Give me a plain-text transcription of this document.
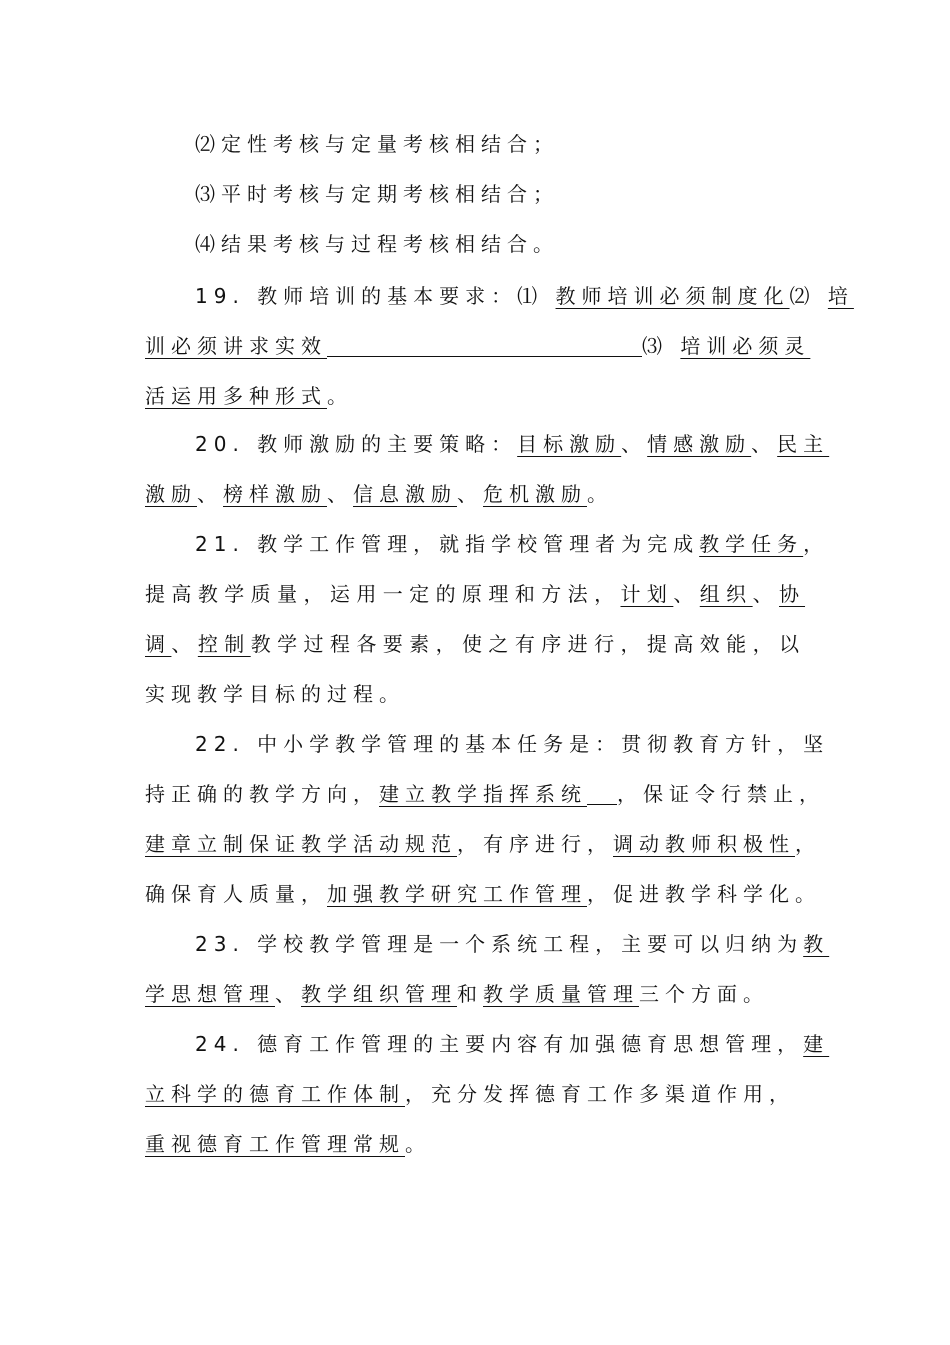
⑵定性考核与定量考核相结合；
⑶平时考核与定期考核相结合；
⑷结果考核与过程考核相结合。
19. 教师培训的基本要求：⑴ 教师培训必须制度化⑵ 培
训必须讲求实效	⑶ 培训必须灵
活运用多种形式。
20. 教师激励的主要策略：目标激励、情感激励、民主
激励、榜样激励、信息激励、危机激励。
21. 教学工作管理，就指学校管理者为完成教学任务，
提高教学质量，运用一定的原理和方法，计划、组织、协
调、控制教学过程各要素，使之有序进行，提高效能，以
实现教学目标的过程。
22. 中小学教学管理的基本任务是：贯彻教育方针，坚
持正确的教学方向，建立教学指挥系统 ，保证令行禁止，
建章立制保证教学活动规范，有序进行，调动教师积极性，
确保育人质量，加强教学研究工作管理，促进教学科学化。
23. 学校教学管理是一个系统工程，主要可以归纳为教
学思想管理、教学组织管理和教学质量管理三个方面。
24. 德育工作管理的主要内容有加强德育思想管理，建
立科学的德育工作体制，充分发挥德育工作多渠道作用，
重视德育工作管理常规。
